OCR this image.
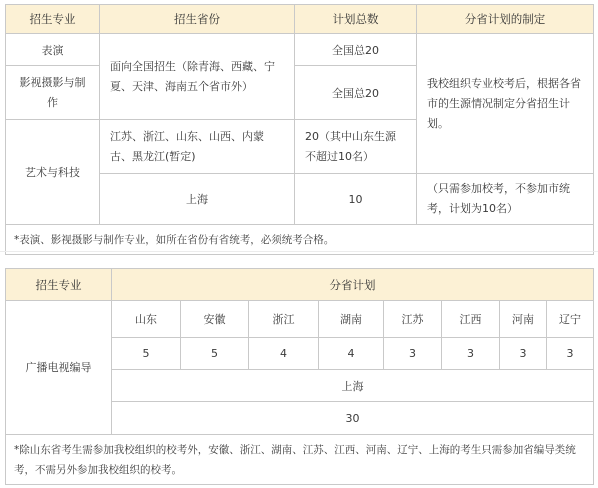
招生专业	招生省份	计划总数	分省计划的制定
表演	面向全国招生（除青海、西藏、宁夏、天津、海南五个省市外）	全国总20	我校组织专业校考后，根据各省市的生源情况制定分省招生计划。
影视摄影与制作		全国总20	
艺术与科技	江苏、浙江、山东、山西、内蒙古、黑龙江(暂定)	20（其中山东生源不超过10名）	
	上海	10	（只需参加校考，不参加市统考，计划为10名）
*表演、影视摄影与制作专业，如所在省份有省统考，必须统考合格。			
招生专业	分省计划							
广播电视编导	山东	安徽	浙江	湖南	江苏	江西	河南	辽宁
	5	5	4	4	3	3	3	3
	上海							
	30							
*除山东省考生需参加我校组织的校考外，安徽、浙江、湖南、江苏、江西、河南、辽宁、上海的考生只需参加省编导类统考，不需另外参加我校组织的校考。								
